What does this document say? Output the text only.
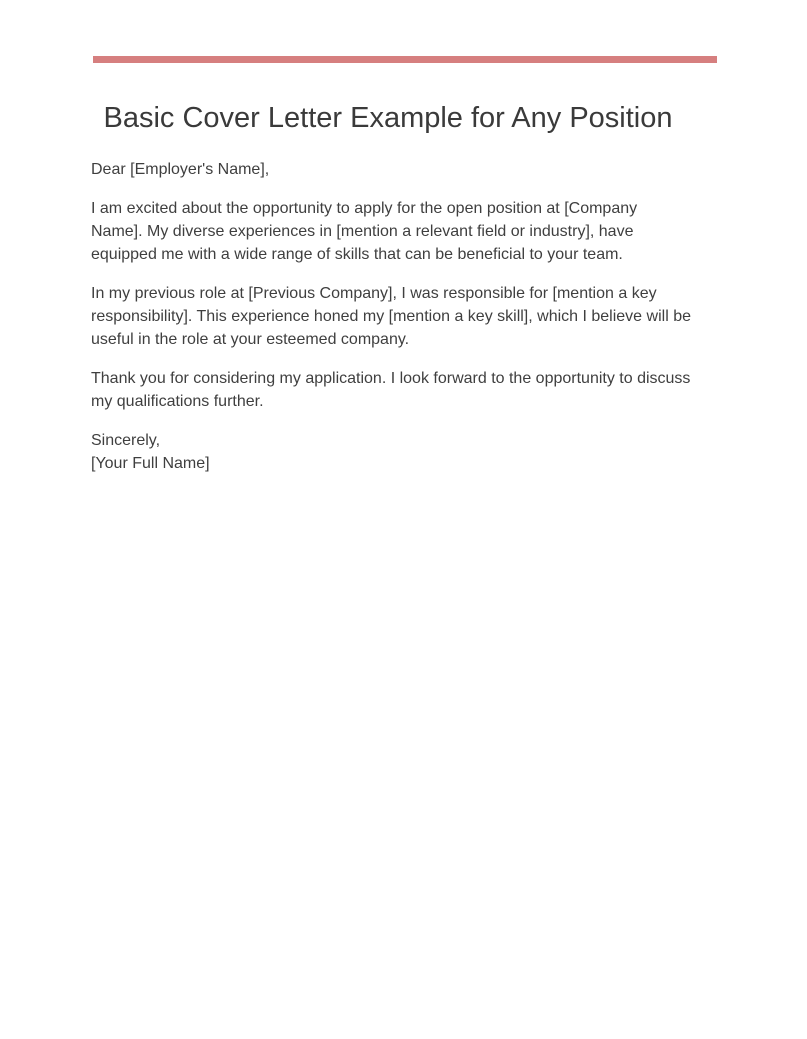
Basic Cover Letter Example for Any Position

Dear [Employer's Name],

I am excited about the opportunity to apply for the open position at [Company Name]. My diverse experiences in [mention a relevant field or industry], have equipped me with a wide range of skills that can be beneficial to your team.

In my previous role at [Previous Company], I was responsible for [mention a key responsibility]. This experience honed my [mention a key skill], which I believe will be useful in the role at your esteemed company.

Thank you for considering my application. I look forward to the opportunity to discuss my qualifications further.

Sincerely,

[Your Full Name]
